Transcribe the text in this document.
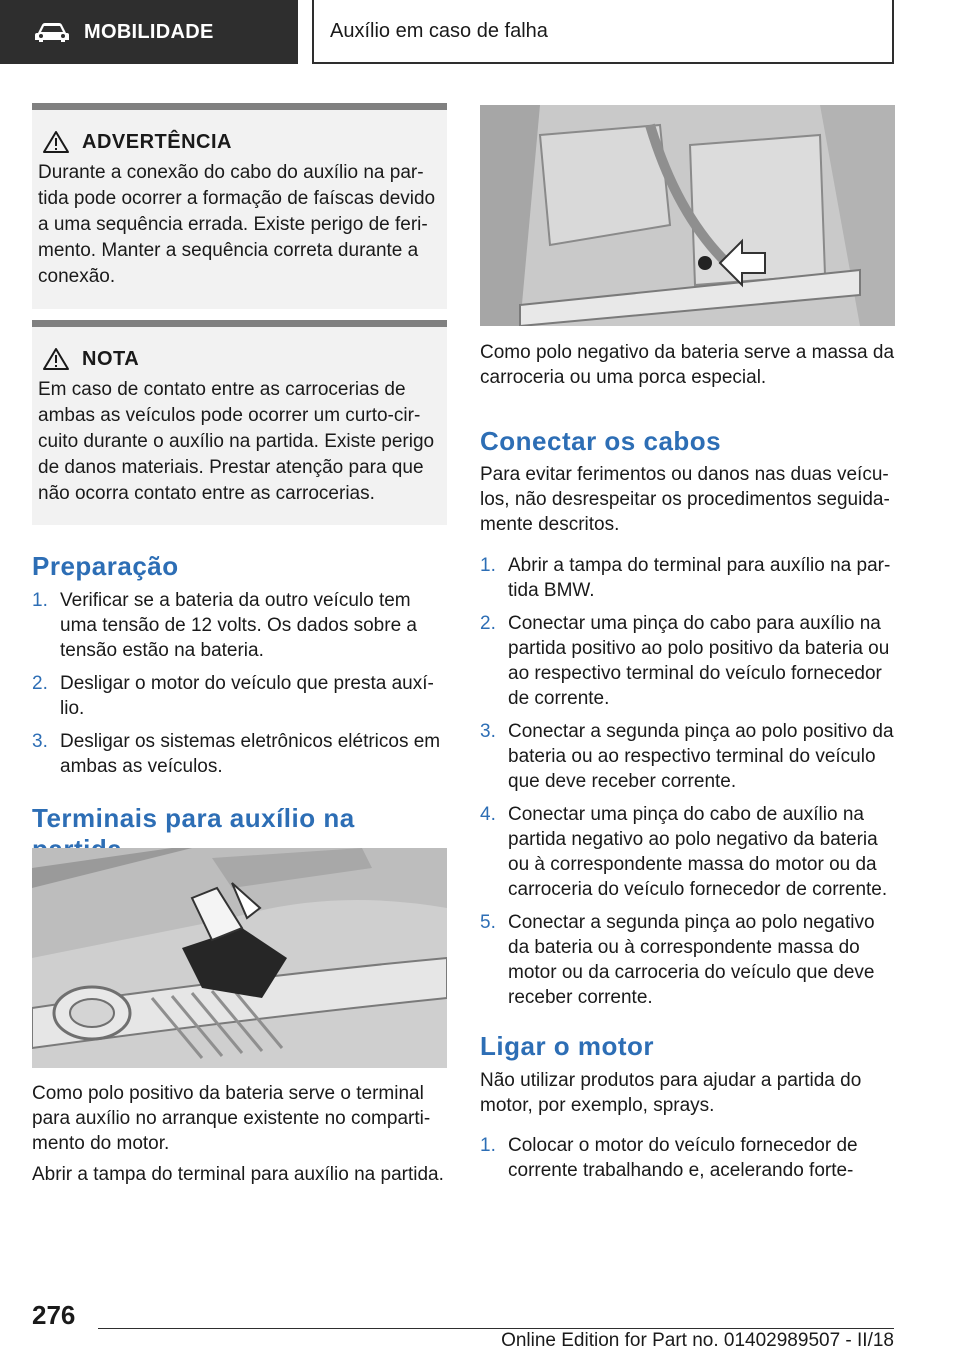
MOBILIDADE	Auxílio em caso de falha
ADVERTÊNCIA
Durante a conexão do cabo do auxílio na partida pode ocorrer a formação de faíscas devido a uma sequência errada. Existe perigo de ferimento. Manter a sequência correta durante a conexão.
NOTA
Em caso de contato entre as carrocerias de ambas as veículos pode ocorrer um curto-circuito durante o auxílio na partida. Existe perigo de danos materiais. Prestar atenção para que não ocorra contato entre as carrocerias.
Preparação
1. Verificar se a bateria da outro veículo tem uma tensão de 12 volts. Os dados sobre a tensão estão na bateria.
2. Desligar o motor do veículo que presta auxílio.
3. Desligar os sistemas eletrônicos elétricos em ambas as veículos.
Terminais para auxílio na

Como polo positivo da bateria serve o terminal para auxílio no arranque existente no compartimento do motor.

Abrir a tampa do terminal para auxílio na partida.

Como polo negativo da bateria serve a massa da carroceria ou uma porca especial.

Conectar os cabos

Para evitar ferimentos ou danos nas duas veículos, não desrespeitar os procedimentos seguidamente descritos.

1. Abrir a tampa do terminal para auxílio na partida BMW.
2. Conectar uma pinça do cabo para auxílio na partida positivo ao polo positivo da bateria ou ao respectivo terminal do veículo fornecedor de corrente.
3. Conectar a segunda pinça ao polo positivo da bateria ou ao respectivo terminal do veículo que deve receber corrente.
4. Conectar uma pinça do cabo de auxílio na partida negativo ao polo negativo da bateria ou à correspondente massa do motor ou da carroceria do veículo fornecedor de corrente.
5. Conectar a segunda pinça ao polo negativo da bateria ou à correspondente massa do motor ou da carroceria do veículo que deve receber corrente.
Ligar o motor

Não utilizar produtos para ajudar a partida do motor, por exemplo, sprays.

1. Colocar o motor do veículo fornecedor de corrente trabalhando e, acelerando forte-
276
Online Edition for Part no. 01402989507 - II/18
